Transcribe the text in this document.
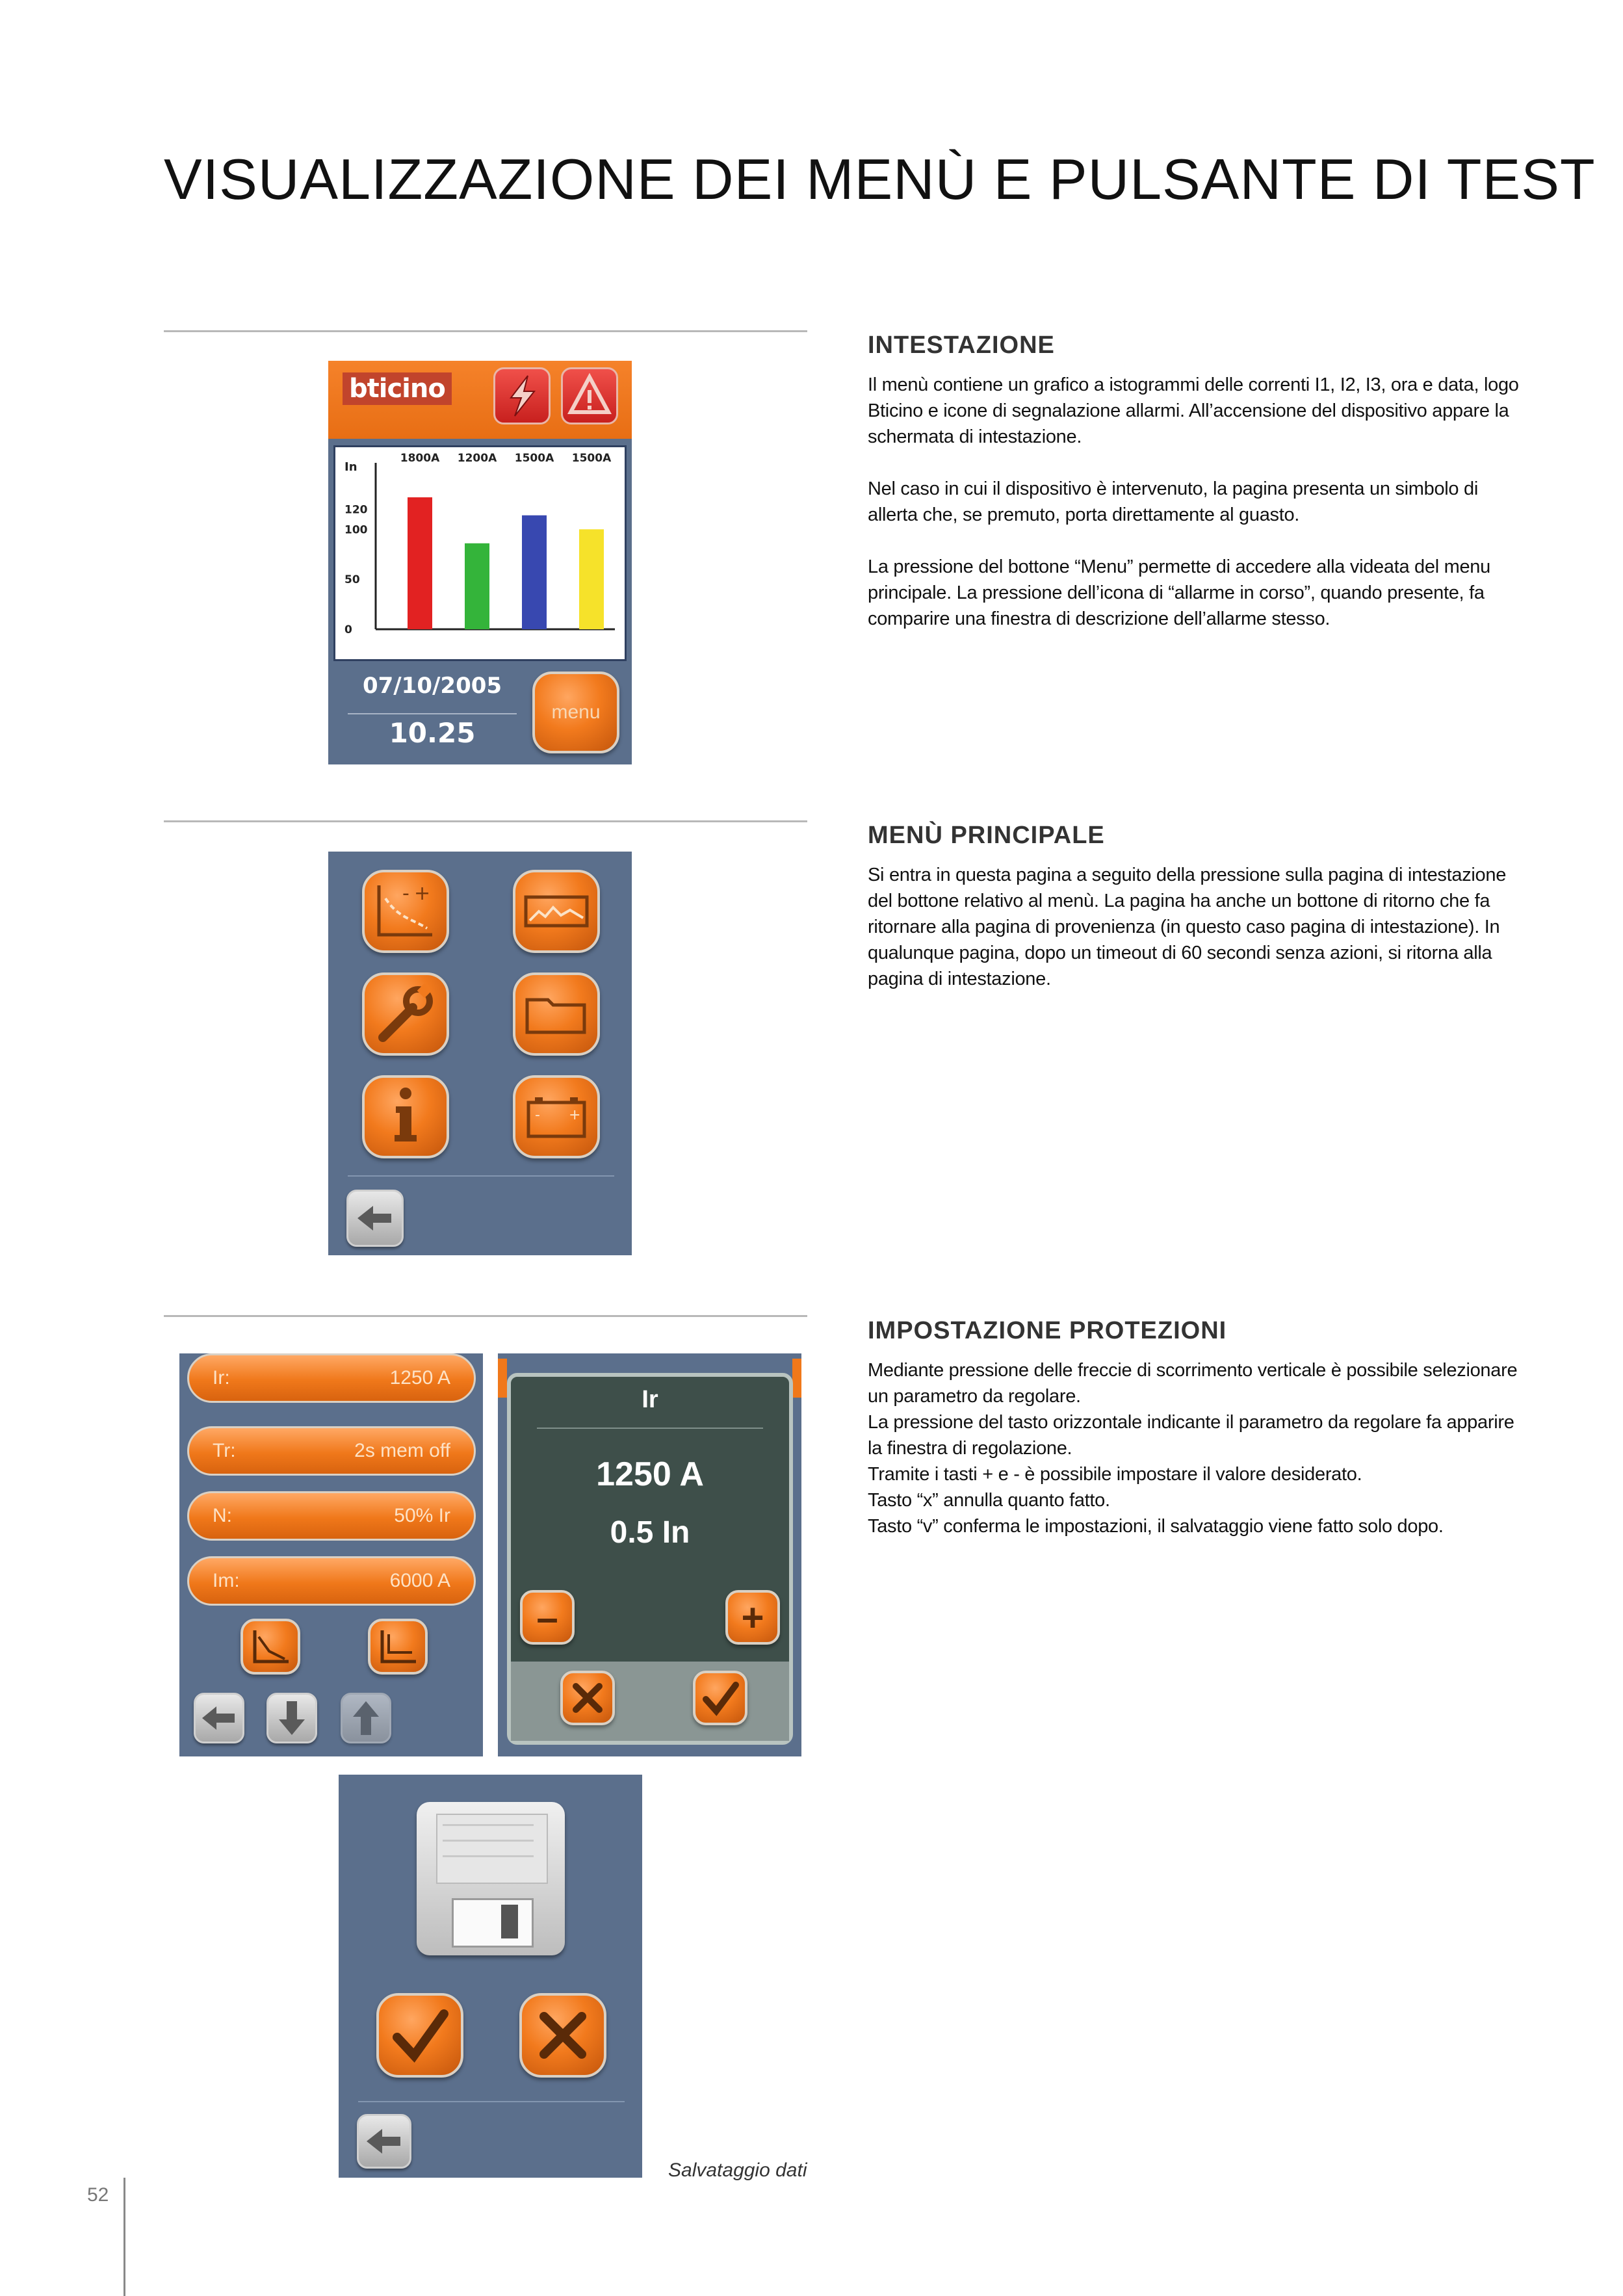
VISUALIZZAZIONE DEI MENÙ E PULSANTE DI TEST
INTESTAZIONE

Il menù contiene un grafico a istogrammi delle correnti I1, I2, I3, ora e data, logo Bticino e icone di segnalazione allarmi. All’accensione del dispositivo appare la schermata di intestazione.

Nel caso in cui il dispositivo è intervenuto, la pagina presenta un simbolo di allerta che, se premuto, porta direttamente al guasto.

La pressione del bottone “Menu” permette di accedere alla videata del menu principale. La pressione dell’icona di “allarme in corso”, quando presente, fa comparire una finestra di descrizione dell’allarme stesso.

MENÙ PRINCIPALE

Si entra in questa pagina a seguito della pressione sulla pagina di intestazione del bottone relativo al menù. La pagina ha anche un bottone di ritorno che fa ritornare alla pagina di provenienza (in questo caso pagina di intestazione). In qualunque pagina, dopo un timeout di 60 secondi senza azioni, si ritorna alla pagina di intestazione.

IMPOSTAZIONE PROTEZIONI
Mediante pressione delle freccie di scorrimento verticale è possibile selezionare un parametro da regolare.
La pressione del tasto orizzontale indicante il parametro da regolare fa apparire la finestra di regolazione.
Tramite i tasti + e - è possibile impostare il valore desiderato.
Tasto “x” annulla quanto fatto.
Tasto “v” conferma le impostazioni, il salvataggio viene fatto solo dopo.
bticino
In
120
100
50
0
1800A 1200A 1500A 1500A
07/10/2005
10.25
menu
+
-
- +
Ir:	1250 A
Tr:	2s mem off
N:	50% Ir
Im:	6000 A
Ir
1250 A
0.5 In
–	+
Salvataggio dati
52
